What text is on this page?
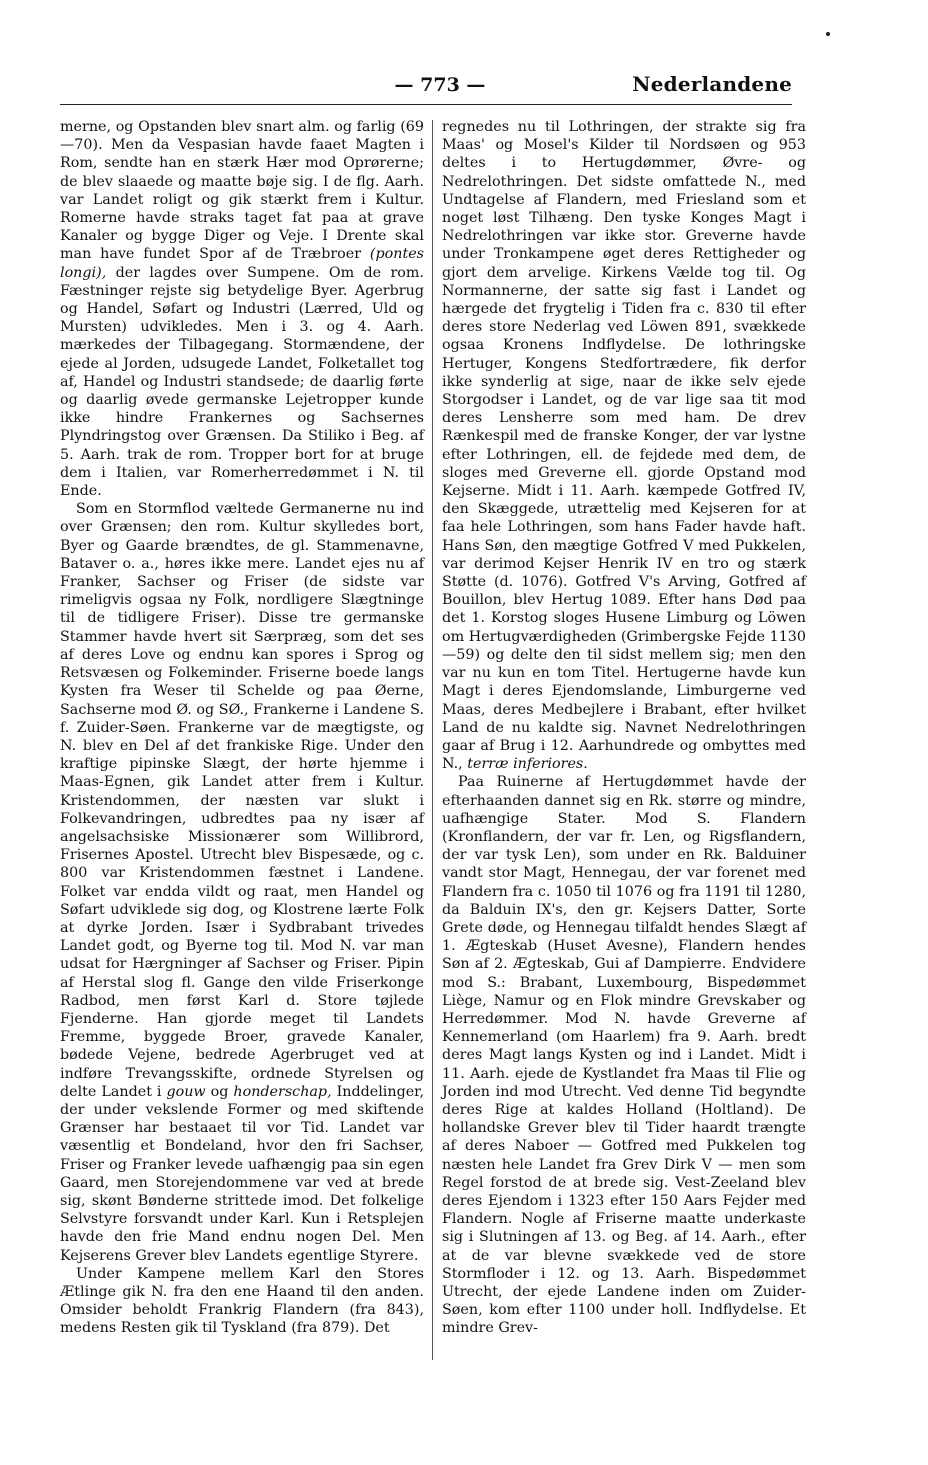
— 773 —	Nederlandene

merne, og Opstanden blev snart alm. og farlig (69—70). Men da Vespasian havde faaet Magten i Rom, sendte han en stærk Hær mod Oprørerne; de blev slaaede og maatte bøje sig. I de flg. Aarh. var Landet roligt og gik stærkt frem i Kultur. Romerne havde straks taget fat paa at grave Kanaler og bygge Diger og Veje. I Drente skal man have fundet Spor af de Træbroer (pontes longi), der lagdes over Sumpene. Om de rom. Fæstninger rejste sig betydelige Byer. Agerbrug og Handel, Søfart og Industri (Lærred, Uld og Mursten) udvikledes. Men i 3. og 4. Aarh. mærkedes der Tilbagegang. Stormændene, der ejede al Jorden, udsugede Landet, Folketallet tog af, Handel og Industri standsede; de daarlig førte og daarlig øvede germanske Lejetropper kunde ikke hindre Frankernes og Sachsernes Plyndringstog over Grænsen. Da Stiliko i Beg. af 5. Aarh. trak de rom. Tropper bort for at bruge dem i Italien, var Romerherredømmet i N. til Ende.

Som en Stormflod væltede Germanerne nu ind over Grænsen; den rom. Kultur skylledes bort, Byer og Gaarde brændtes, de gl. Stammenavne, Bataver o. a., høres ikke mere. Landet ejes nu af Franker, Sachser og Friser (de sidste var rimeligvis ogsaa ny Folk, nordligere Slægtninge til de tidligere Friser). Disse tre germanske Stammer havde hvert sit Særpræg, som det ses af deres Love og endnu kan spores i Sprog og Retsvæsen og Folkeminder. Friserne boede langs Kysten fra Weser til Schelde og paa Øerne, Sachserne mod Ø. og SØ., Frankerne i Landene S. f. Zuider-Søen. Frankerne var de mægtigste, og N. blev en Del af det frankiske Rige. Under den kraftige pipinske Slægt, der hørte hjemme i Maas-Egnen, gik Landet atter frem i Kultur. Kristendommen, der næsten var slukt i Folkevandringen, udbredtes paa ny især af angelsachsiske Missionærer som Willibrord, Frisernes Apostel. Utrecht blev Bispesæde, og c. 800 var Kristendommen fæstnet i Landene. Folket var endda vildt og raat, men Handel og Søfart udviklede sig dog, og Klostrene lærte Folk at dyrke Jorden. Især i Sydbrabant trivedes Landet godt, og Byerne tog til. Mod N. var man udsat for Hærgninger af Sachser og Friser. Pipin af Herstal slog fl. Gange den vilde Friserkonge Radbod, men først Karl d. Store tøjlede Fjenderne. Han gjorde meget til Landets Fremme, byggede Broer, gravede Kanaler, bødede Vejene, bedrede Agerbruget ved at indføre Trevangsskifte, ordnede Styrelsen og delte Landet i gouw og honderschap, Inddelinger, der under vekslende Former og med skiftende Grænser har bestaaet til vor Tid. Landet var væsentlig et Bondeland, hvor den fri Sachser, Friser og Franker levede uafhængig paa sin egen Gaard, men Storejendommene var ved at brede sig, skønt Bønderne strittede imod. Det folkelige Selvstyre forsvandt under Karl. Kun i Retsplejen havde den frie Mand endnu nogen Del. Men Kejserens Grever blev Landets egentlige Styrere.

Under Kampene mellem Karl den Stores Ætlinge gik N. fra den ene Haand til den anden. Omsider beholdt Frankrig Flandern (fra 843), medens Resten gik til Tyskland (fra 879). Det

regnedes nu til Lothringen, der strakte sig fra Maas' og Mosel's Kilder til Nordsøen og 953 deltes i to Hertugdømmer, Øvre- og Nedrelothringen. Det sidste omfattede N., med Undtagelse af Flandern, med Friesland som et noget løst Tilhæng. Den tyske Konges Magt i Nedrelothringen var ikke stor. Greverne havde under Tronkampene øget deres Rettigheder og gjort dem arvelige. Kirkens Vælde tog til. Og Normannerne, der satte sig fast i Landet og hærgede det frygtelig i Tiden fra c. 830 til efter deres store Nederlag ved Löwen 891, svækkede ogsaa Kronens Indflydelse. De lothringske Hertuger, Kongens Stedfortrædere, fik derfor ikke synderlig at sige, naar de ikke selv ejede Storgodser i Landet, og de var lige saa tit mod deres Lensherre som med ham. De drev Rænkespil med de franske Konger, der var lystne efter Lothringen, ell. de fejdede med dem, de sloges med Greverne ell. gjorde Opstand mod Kejserne. Midt i 11. Aarh. kæmpede Gotfred IV, den Skæggede, utrættelig med Kejseren for at faa hele Lothringen, som hans Fader havde haft. Hans Søn, den mægtige Gotfred V med Pukkelen, var derimod Kejser Henrik IV en tro og stærk Støtte (d. 1076). Gotfred V's Arving, Gotfred af Bouillon, blev Hertug 1089. Efter hans Død paa det 1. Korstog sloges Husene Limburg og Löwen om Hertugværdigheden (Grimbergske Fejde 1130—59) og delte den til sidst mellem sig; men den var nu kun en tom Titel. Hertugerne havde kun Magt i deres Ejendomslande, Limburgerne ved Maas, deres Medbejlere i Brabant, efter hvilket Land de nu kaldte sig. Navnet Nedrelothringen gaar af Brug i 12. Aarhundrede og ombyttes med N., terræ inferiores.

Paa Ruinerne af Hertugdømmet havde der efterhaanden dannet sig en Rk. større og mindre, uafhængige Stater. Mod S. Flandern (Kronflandern, der var fr. Len, og Rigsflandern, der var tysk Len), som under en Rk. Balduiner vandt stor Magt, Hennegau, der var forenet med Flandern fra c. 1050 til 1076 og fra 1191 til 1280, da Balduin IX's, den gr. Kejsers Datter, Sorte Grete døde, og Hennegau tilfaldt hendes Slægt af 1. Ægteskab (Huset Avesne), Flandern hendes Søn af 2. Ægteskab, Gui af Dampierre. Endvidere mod S.: Brabant, Luxembourg, Bispedømmet Liège, Namur og en Flok mindre Grevskaber og Herredømmer. Mod N. havde Greverne af Kennemerland (om Haarlem) fra 9. Aarh. bredt deres Magt langs Kysten og ind i Landet. Midt i 11. Aarh. ejede de Kystlandet fra Maas til Flie og Jorden ind mod Utrecht. Ved denne Tid begyndte deres Rige at kaldes Holland (Holtland). De hollandske Grever blev til Tider haardt trængte af deres Naboer — Gotfred med Pukkelen tog næsten hele Landet fra Grev Dirk V — men som Regel forstod de at brede sig. Vest-Zeeland blev deres Ejendom i 1323 efter 150 Aars Fejder med Flandern. Nogle af Friserne maatte underkaste sig i Slutningen af 13. og Beg. af 14. Aarh., efter at de var blevne svækkede ved de store Stormfloder i 12. og 13. Aarh. Bispedømmet Utrecht, der ejede Landene inden om Zuider-Søen, kom efter 1100 under holl. Indflydelse. Et mindre Grev-
